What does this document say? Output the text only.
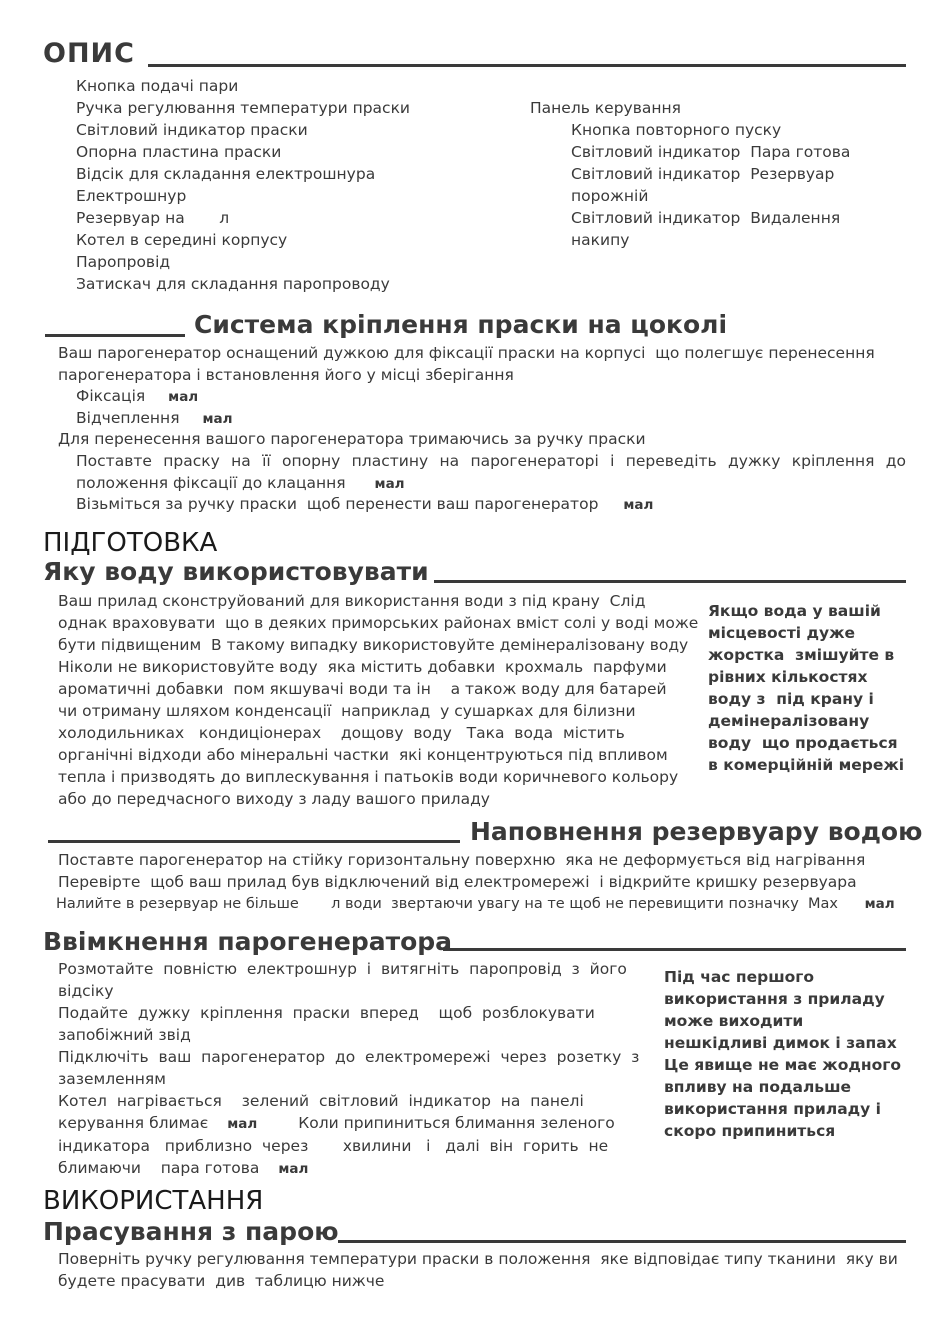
ОПИС
Кнопка подачі пари
Ручка регулювання температури праски
Світловий індикатор праски
Опорна пластина праски
Відсік для складання електрошнура
Електрошнур
Резервуар на       л
Котел в середині корпусу
Паропровід
Затискач для складання паропроводу
Панель керування
Кнопка повторного пуску
Світловий індикатор  Пара готова
Світловий індикатор  Резервуар
порожній
Світловий індикатор  Видалення
накипу
Система кріплення праски на цоколі
Ваш парогенератор оснащений дужкою для фіксації праски на корпусі  що полегшує перенесення
парогенератора і встановлення його у місці зберігання
Фіксація мал
Відчеплення мал
Для перенесення вашого парогенератора тримаючись за ручку праски
Поставте праску на її опорну пластину на парогенераторі і переведіть дужку кріплення до
положення фіксації до клацання мал
Візьміться за ручку праски  щоб перенести ваш парогенератор мал
ПІДГОТОВКА
Яку воду використовувати
Ваш прилад сконструйований для використання води з під крану  Слід
однак враховувати  що в деяких приморських районах вміст солі у воді може
бути підвищеним  В такому випадку використовуйте демінералізовану воду
Ніколи не використовуйте воду  яка містить добавки  крохмаль  парфуми
ароматичні добавки  пом якшувачі води та ін    а також воду для батарей
чи отриману шляхом конденсації  наприклад  у сушарках для білизни
холодильниках   кондиціонерах    дощову  воду   Така  вода  містить
органічні відходи або мінеральні частки  які концентруються під впливом
тепла і призводять до виплескування і патьоків води коричневого кольору
або до передчасного виходу з ладу вашого приладу
Якщо вода у вашій
місцевості дуже
жорстка  змішуйте в
рівних кількостях
воду з  під крану і
демінералізовану
воду  що продається
в комерційній мережі
Наповнення резервуару водою
Поставте парогенератор на стійку горизонтальну поверхню  яка не деформується від нагрівання
Перевірте  щоб ваш прилад був відключений від електромережі  і відкрийте кришку резервуара
Налийте в резервуар не більше       л води  звертаючи увагу на те щоб не перевищити позначку  Max мал
Ввімкнення парогенератора
Розмотайте  повністю  електрошнур  і  витягніть  паропровід  з  його
відсіку
Подайте  дужку  кріплення  праски  вперед    щоб  розблокувати
запобіжний звід
Підключіть  ваш  парогенератор  до  електромережі  через  розетку  з
заземленням
Котел  нагрівається    зелений  світловий  індикатор  на  панелі
керування блимає мал	Коли припиниться блимання зеленого
індикатора   приблизно  через       хвилини   і   далі  він  горить  не
блимаючи    пара готова мал
Під час першого
використання з приладу
може виходити
нешкідливі димок і запах
Це явище не має жодного
впливу на подальше
використання приладу і
скоро припиниться
ВИКОРИСТАННЯ
Прасування з парою
Поверніть ручку регулювання температури праски в положення  яке відповідає типу тканини  яку ви
будете прасувати  див  таблицю нижче
